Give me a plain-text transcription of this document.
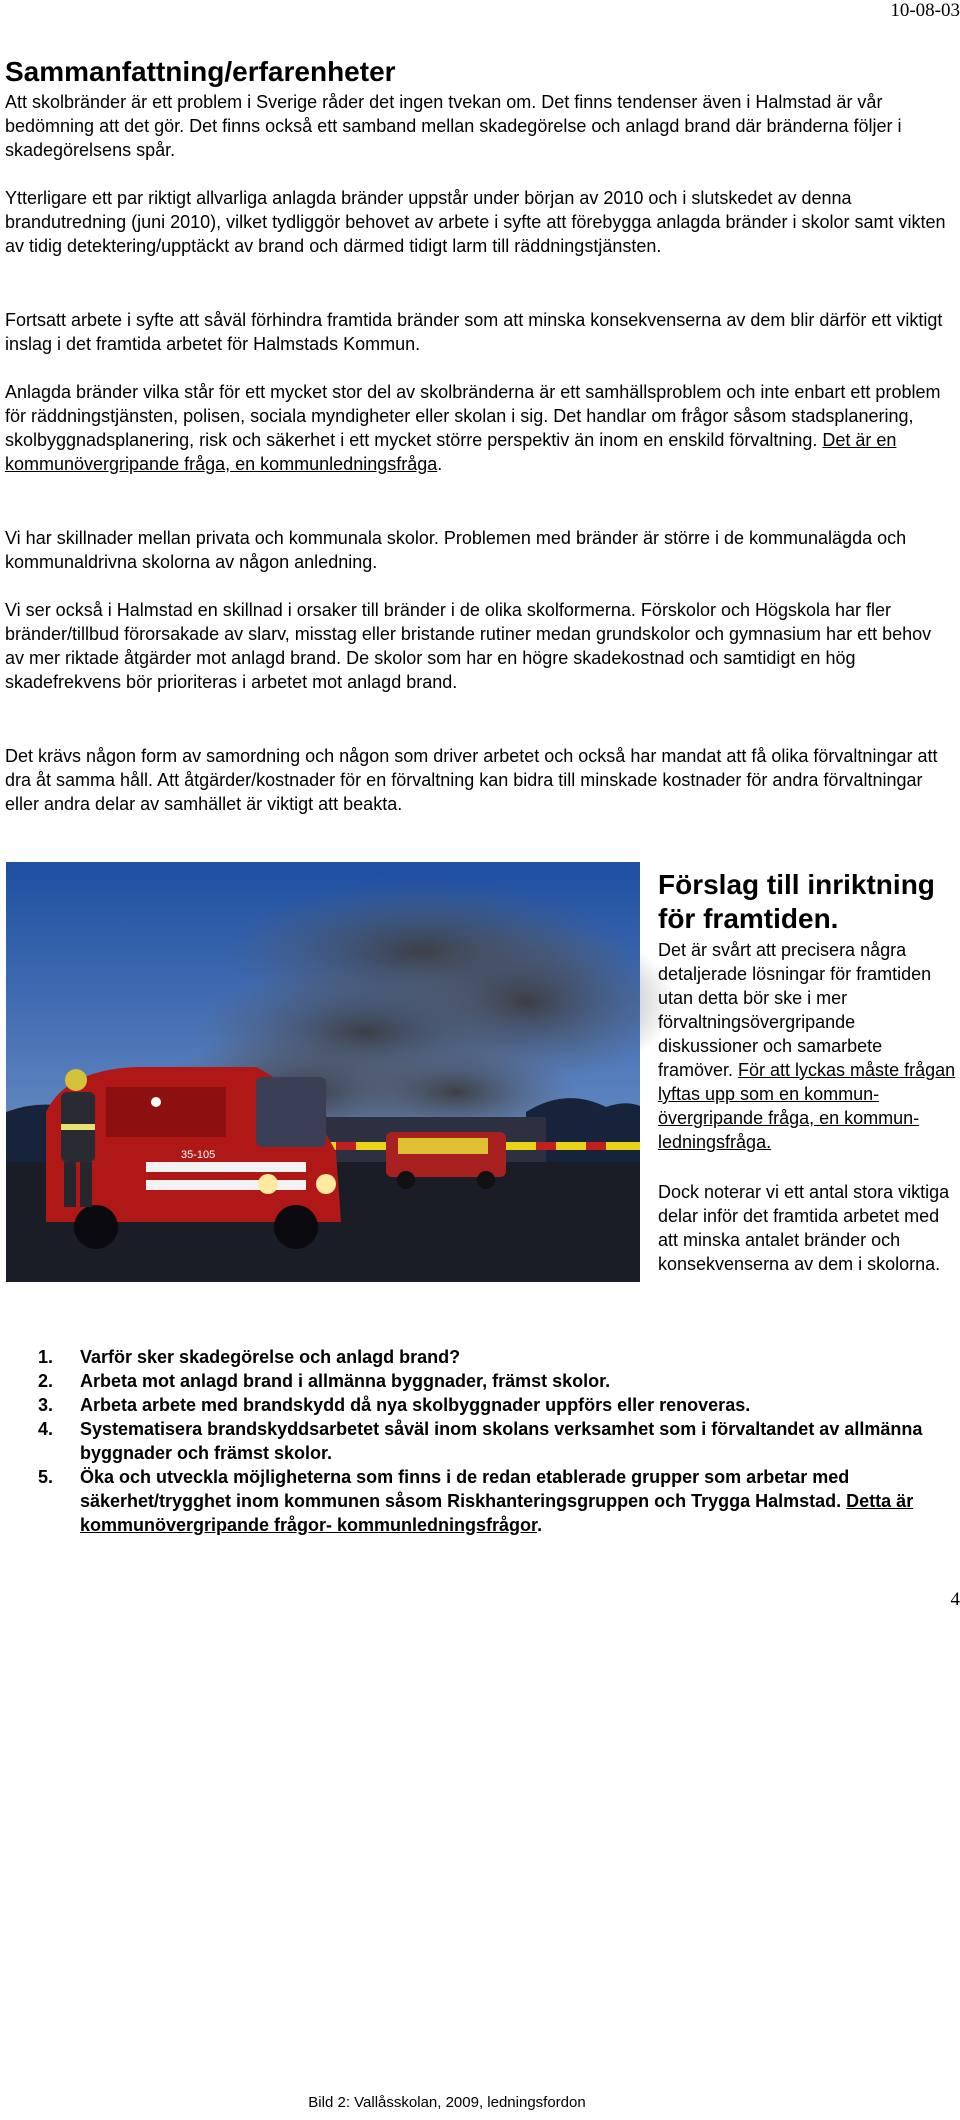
10-08-03
Sammanfattning/erfarenheter

Att skolbränder är ett problem i Sverige råder det ingen tvekan om. Det finns tendenser även i Halmstad är vår bedömning att det gör. Det finns också ett samband mellan skadegörelse och anlagd brand där bränderna följer i skadegörelsens spår.

Ytterligare ett par riktigt allvarliga anlagda bränder uppstår under början av 2010 och i slutskedet av denna brandutredning (juni 2010), vilket tydliggör behovet av arbete i syfte att förebygga anlagda bränder i skolor samt vikten av tidig detektering/upptäckt av brand och därmed tidigt larm till räddningstjänsten.

Fortsatt arbete i syfte att såväl förhindra framtida bränder som att minska konsekvenserna av dem blir därför ett viktigt inslag i det framtida arbetet för Halmstads Kommun.

Anlagda bränder vilka står för ett mycket stor del av skolbränderna är ett samhällsproblem och inte enbart ett problem för räddningstjänsten, polisen, sociala myndigheter eller skolan i sig. Det handlar om frågor såsom stadsplanering, skolbyggnadsplanering, risk och säkerhet i ett mycket större perspektiv än inom en enskild förvaltning. Det är en kommunövergripande fråga, en kommunledningsfråga.

Vi har skillnader mellan privata och kommunala skolor. Problemen med bränder är större i de kommunalägda och kommunaldrivna skolorna av någon anledning.

Vi ser också i Halmstad en skillnad i orsaker till bränder i de olika skolformerna. Förskolor och Högskola har fler bränder/tillbud förorsakade av slarv, misstag eller bristande rutiner medan grundskolor och gymnasium har ett behov av mer riktade åtgärder mot anlagd brand. De skolor som har en högre skadekostnad och samtidigt en hög skadefrekvens bör prioriteras i arbetet mot anlagd brand.

Det krävs någon form av samordning och någon som driver arbetet och också har mandat att få olika förvaltningar att dra åt samma håll. Att åtgärder/kostnader för en förvaltning kan bidra till minskade kostnader för andra förvaltningar eller andra delar av samhället är viktigt att beakta.

35-105
Bild 2: Vallåsskolan, 2009, ledningsfordon
Förslag till inriktning för framtiden.

Det är svårt att precisera några detaljerade lösningar för framtiden utan detta bör ske i mer förvaltningsövergripande diskussioner och samarbete framöver. För att lyckas måste frågan lyftas upp som en kommun-övergripande fråga, en kommun-ledningsfråga.

Dock noterar vi ett antal stora viktiga delar inför det framtida arbetet med att minska antalet bränder och konsekvenserna av dem i skolorna.

1. Varför sker skadegörelse och anlagd brand?
2. Arbeta mot anlagd brand i allmänna byggnader, främst skolor.
3. Arbeta arbete med brandskydd då nya skolbyggnader uppförs eller renoveras.
4. Systematisera brandskyddsarbetet såväl inom skolans verksamhet som i förvaltandet av allmänna byggnader och främst skolor.
5. Öka och utveckla möjligheterna som finns i de redan etablerade grupper som arbetar med säkerhet/trygghet inom kommunen såsom Riskhanteringsgruppen och Trygga Halmstad. Detta är kommunövergripande frågor- kommunledningsfrågor.
4
